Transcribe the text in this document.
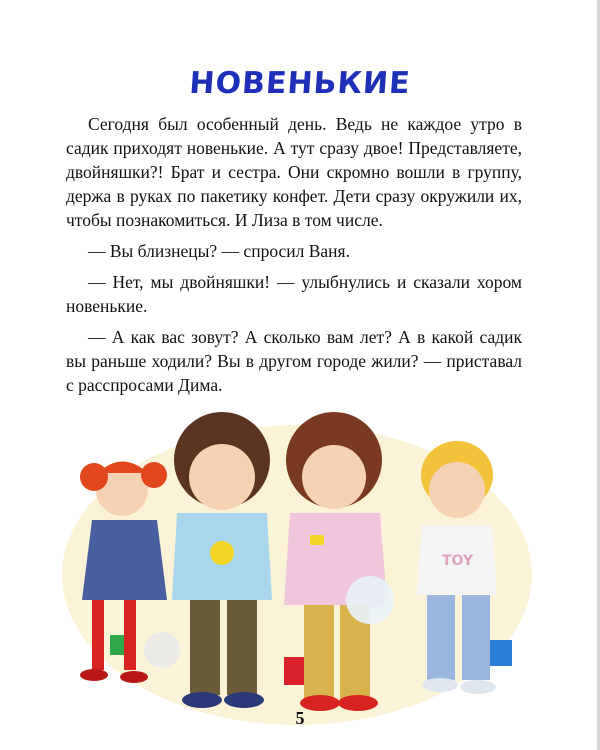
НОВЕНЬКИЕ

Сегодня был особенный день. Ведь не каждое утро в садик приходят новенькие. А тут сразу двое! Представляете, двойняшки?! Брат и сестра. Они скромно вошли в группу, держа в руках по пакетику конфет. Дети сразу окружили их, чтобы познакомиться. И Лиза в том числе.

— Вы близнецы? — спросил Ваня.

— Нет, мы двойняшки! — улыбнулись и сказали хором новенькие.

— А как вас зовут? А сколько вам лет? А в какой садик вы раньше ходили? Вы в другом городе жили? — приставал с расспросами Дима.

TOY
5
